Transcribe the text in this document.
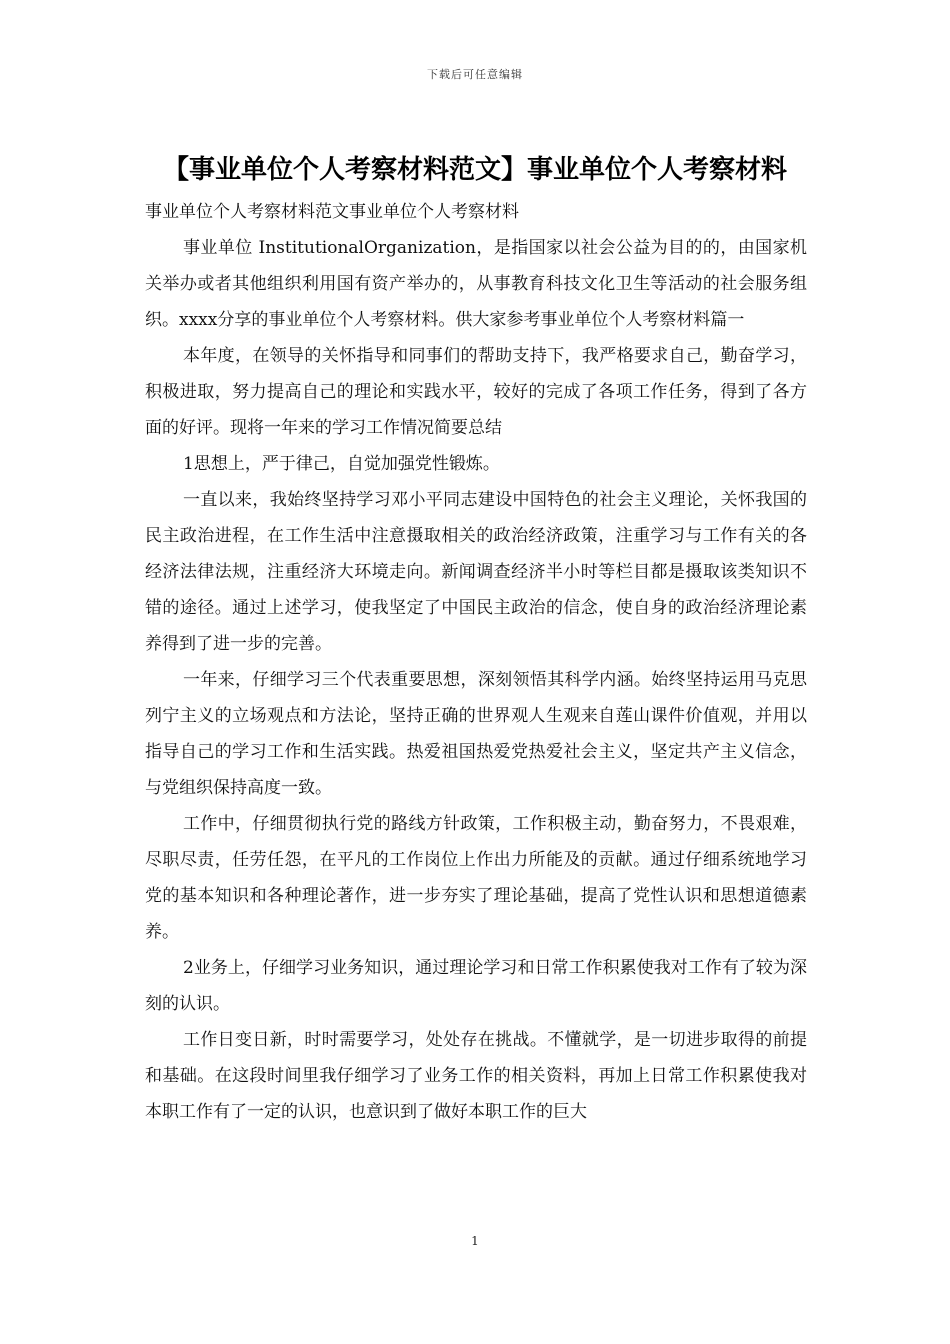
下载后可任意编辑
【事业单位个人考察材料范文】事业单位个人考察材料

事业单位个人考察材料范文事业单位个人考察材料

事业单位 InstitutionalOrganization，是指国家以社会公益为目的的，由国家机关举办或者其他组织利用国有资产举办的，从事教育科技文化卫生等活动的社会服务组织。xxxx分享的事业单位个人考察材料。供大家参考事业单位个人考察材料篇一

本年度，在领导的关怀指导和同事们的帮助支持下，我严格要求自己，勤奋学习，积极进取，努力提高自己的理论和实践水平，较好的完成了各项工作任务，得到了各方面的好评。现将一年来的学习工作情况简要总结

1思想上，严于律己，自觉加强党性锻炼。

一直以来，我始终坚持学习邓小平同志建设中国特色的社会主义理论，关怀我国的民主政治进程，在工作生活中注意摄取相关的政治经济政策，注重学习与工作有关的各经济法律法规，注重经济大环境走向。新闻调查经济半小时等栏目都是摄取该类知识不错的途径。通过上述学习，使我坚定了中国民主政治的信念，使自身的政治经济理论素养得到了进一步的完善。

一年来，仔细学习三个代表重要思想，深刻领悟其科学内涵。始终坚持运用马克思列宁主义的立场观点和方法论，坚持正确的世界观人生观来自莲山课件价值观，并用以指导自己的学习工作和生活实践。热爱祖国热爱党热爱社会主义，坚定共产主义信念，与党组织保持高度一致。

工作中，仔细贯彻执行党的路线方针政策，工作积极主动，勤奋努力，不畏艰难，尽职尽责，任劳任怨，在平凡的工作岗位上作出力所能及的贡献。通过仔细系统地学习党的基本知识和各种理论著作，进一步夯实了理论基础，提高了党性认识和思想道德素养。

2业务上，仔细学习业务知识，通过理论学习和日常工作积累使我对工作有了较为深刻的认识。

工作日变日新，时时需要学习，处处存在挑战。不懂就学，是一切进步取得的前提和基础。在这段时间里我仔细学习了业务工作的相关资料，再加上日常工作积累使我对本职工作有了一定的认识，也意识到了做好本职工作的巨大

1
